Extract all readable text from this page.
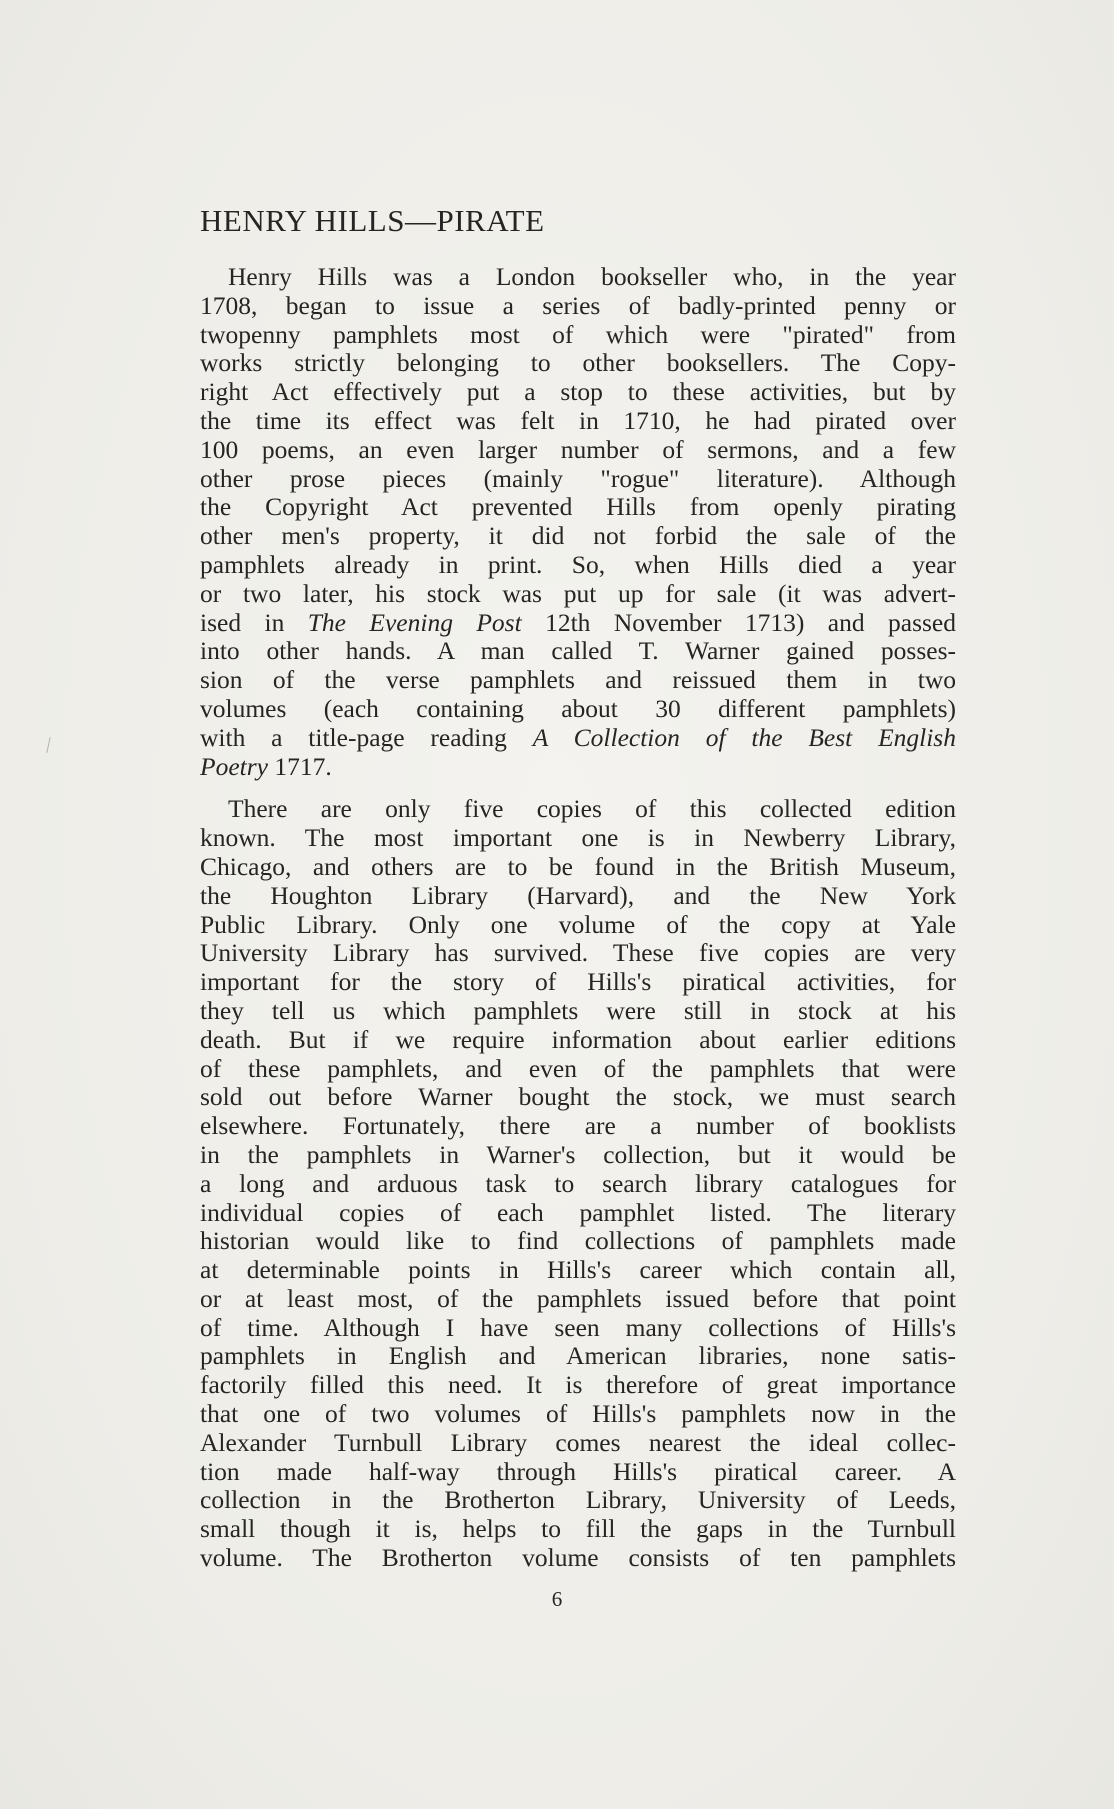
HENRY HILLS—PIRATE
Henry Hills was a London bookseller who, in the year
1708, began to issue a series of badly-printed penny or
twopenny pamphlets most of which were "pirated" from
works strictly belonging to other booksellers. The Copy-
right Act effectively put a stop to these activities, but by
the time its effect was felt in 1710, he had pirated over
100 poems, an even larger number of sermons, and a few
other prose pieces (mainly "rogue" literature). Although
the Copyright Act prevented Hills from openly pirating
other men's property, it did not forbid the sale of the
pamphlets already in print. So, when Hills died a year
or two later, his stock was put up for sale (it was advert-
ised in The Evening Post 12th November 1713) and passed
into other hands. A man called T. Warner gained posses-
sion of the verse pamphlets and reissued them in two
volumes (each containing about 30 different pamphlets)
with a title-page reading A Collection of the Best English
Poetry 1717.
There are only five copies of this collected edition
known. The most important one is in Newberry Library,
Chicago, and others are to be found in the British Museum,
the Houghton Library (Harvard), and the New York
Public Library. Only one volume of the copy at Yale
University Library has survived. These five copies are very
important for the story of Hills's piratical activities, for
they tell us which pamphlets were still in stock at his
death. But if we require information about earlier editions
of these pamphlets, and even of the pamphlets that were
sold out before Warner bought the stock, we must search
elsewhere. Fortunately, there are a number of booklists
in the pamphlets in Warner's collection, but it would be
a long and arduous task to search library catalogues for
individual copies of each pamphlet listed. The literary
historian would like to find collections of pamphlets made
at determinable points in Hills's career which contain all,
or at least most, of the pamphlets issued before that point
of time. Although I have seen many collections of Hills's
pamphlets in English and American libraries, none satis-
factorily filled this need. It is therefore of great importance
that one of two volumes of Hills's pamphlets now in the
Alexander Turnbull Library comes nearest the ideal collec-
tion made half-way through Hills's piratical career. A
collection in the Brotherton Library, University of Leeds,
small though it is, helps to fill the gaps in the Turnbull
volume. The Brotherton volume consists of ten pamphlets
6
